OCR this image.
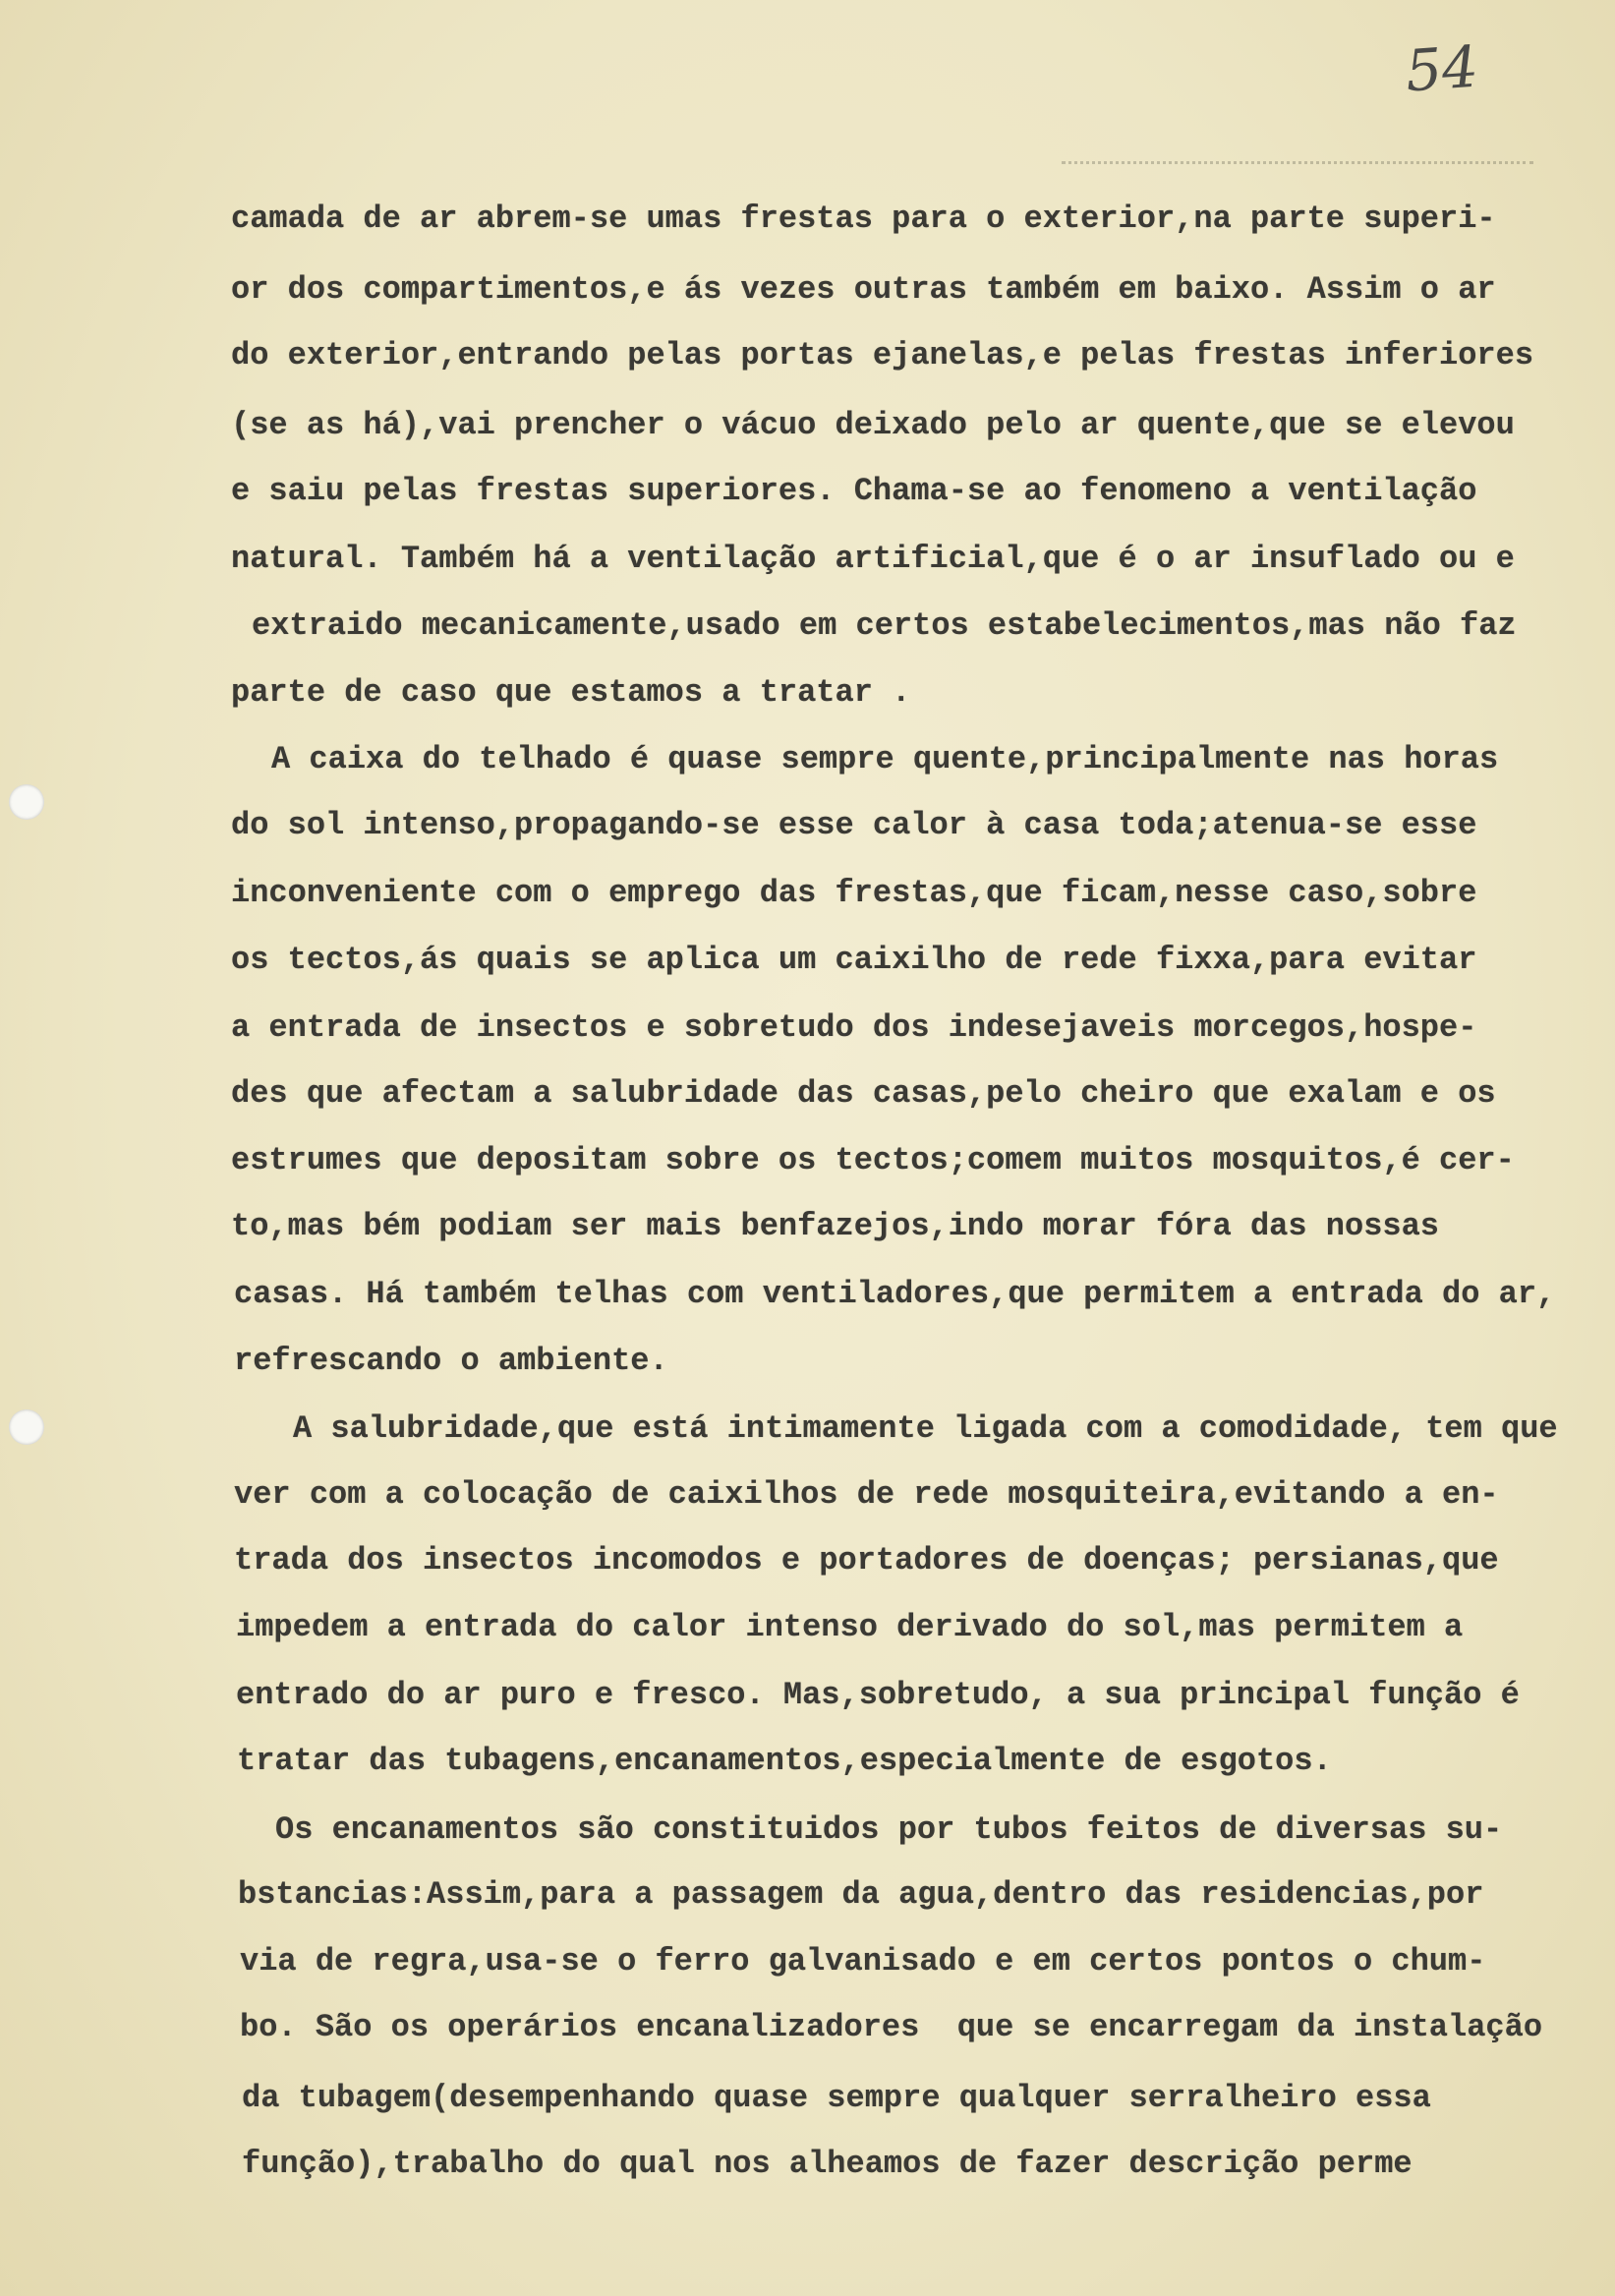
54
camada de ar abrem-se umas frestas para o exterior,na parte superi-
or dos compartimentos,e ás vezes outras também em baixo. Assim o ar
do exterior,entrando pelas portas ejanelas,e pelas frestas inferiores
(se as há),vai prencher o vácuo deixado pelo ar quente,que se elevou
e saiu pelas frestas superiores. Chama-se ao fenomeno a ventilação
natural. Também há a ventilação artificial,que é o ar insuflado ou e
extraido mecanicamente,usado em certos estabelecimentos,mas não faz
parte de caso que estamos a tratar .
A caixa do telhado é quase sempre quente,principalmente nas horas
do sol intenso,propagando-se esse calor à casa toda;atenua-se esse
inconveniente com o emprego das frestas,que ficam,nesse caso,sobre
os tectos,ás quais se aplica um caixilho de rede fixxa,para evitar
a entrada de insectos e sobretudo dos indesejaveis morcegos,hospe-
des que afectam a salubridade das casas,pelo cheiro que exalam e os
estrumes que depositam sobre os tectos;comem muitos mosquitos,é cer-
to,mas bém podiam ser mais benfazejos,indo morar fóra das nossas
casas. Há também telhas com ventiladores,que permitem a entrada do ar,
refrescando o ambiente.
A salubridade,que está intimamente ligada com a comodidade, tem que
ver com a colocação de caixilhos de rede mosquiteira,evitando a en-
trada dos insectos incomodos e portadores de doenças; persianas,que
impedem a entrada do calor intenso derivado do sol,mas permitem a
entrado do ar puro e fresco. Mas,sobretudo, a sua principal função é
tratar das tubagens,encanamentos,especialmente de esgotos.
Os encanamentos são constituidos por tubos feitos de diversas su-
bstancias:Assim,para a passagem da agua,dentro das residencias,por
via de regra,usa-se o ferro galvanisado e em certos pontos o chum-
bo. São os operários encanalizadores  que se encarregam da instalação
da tubagem(desempenhando quase sempre qualquer serralheiro essa
função),trabalho do qual nos alheamos de fazer descrição perme
